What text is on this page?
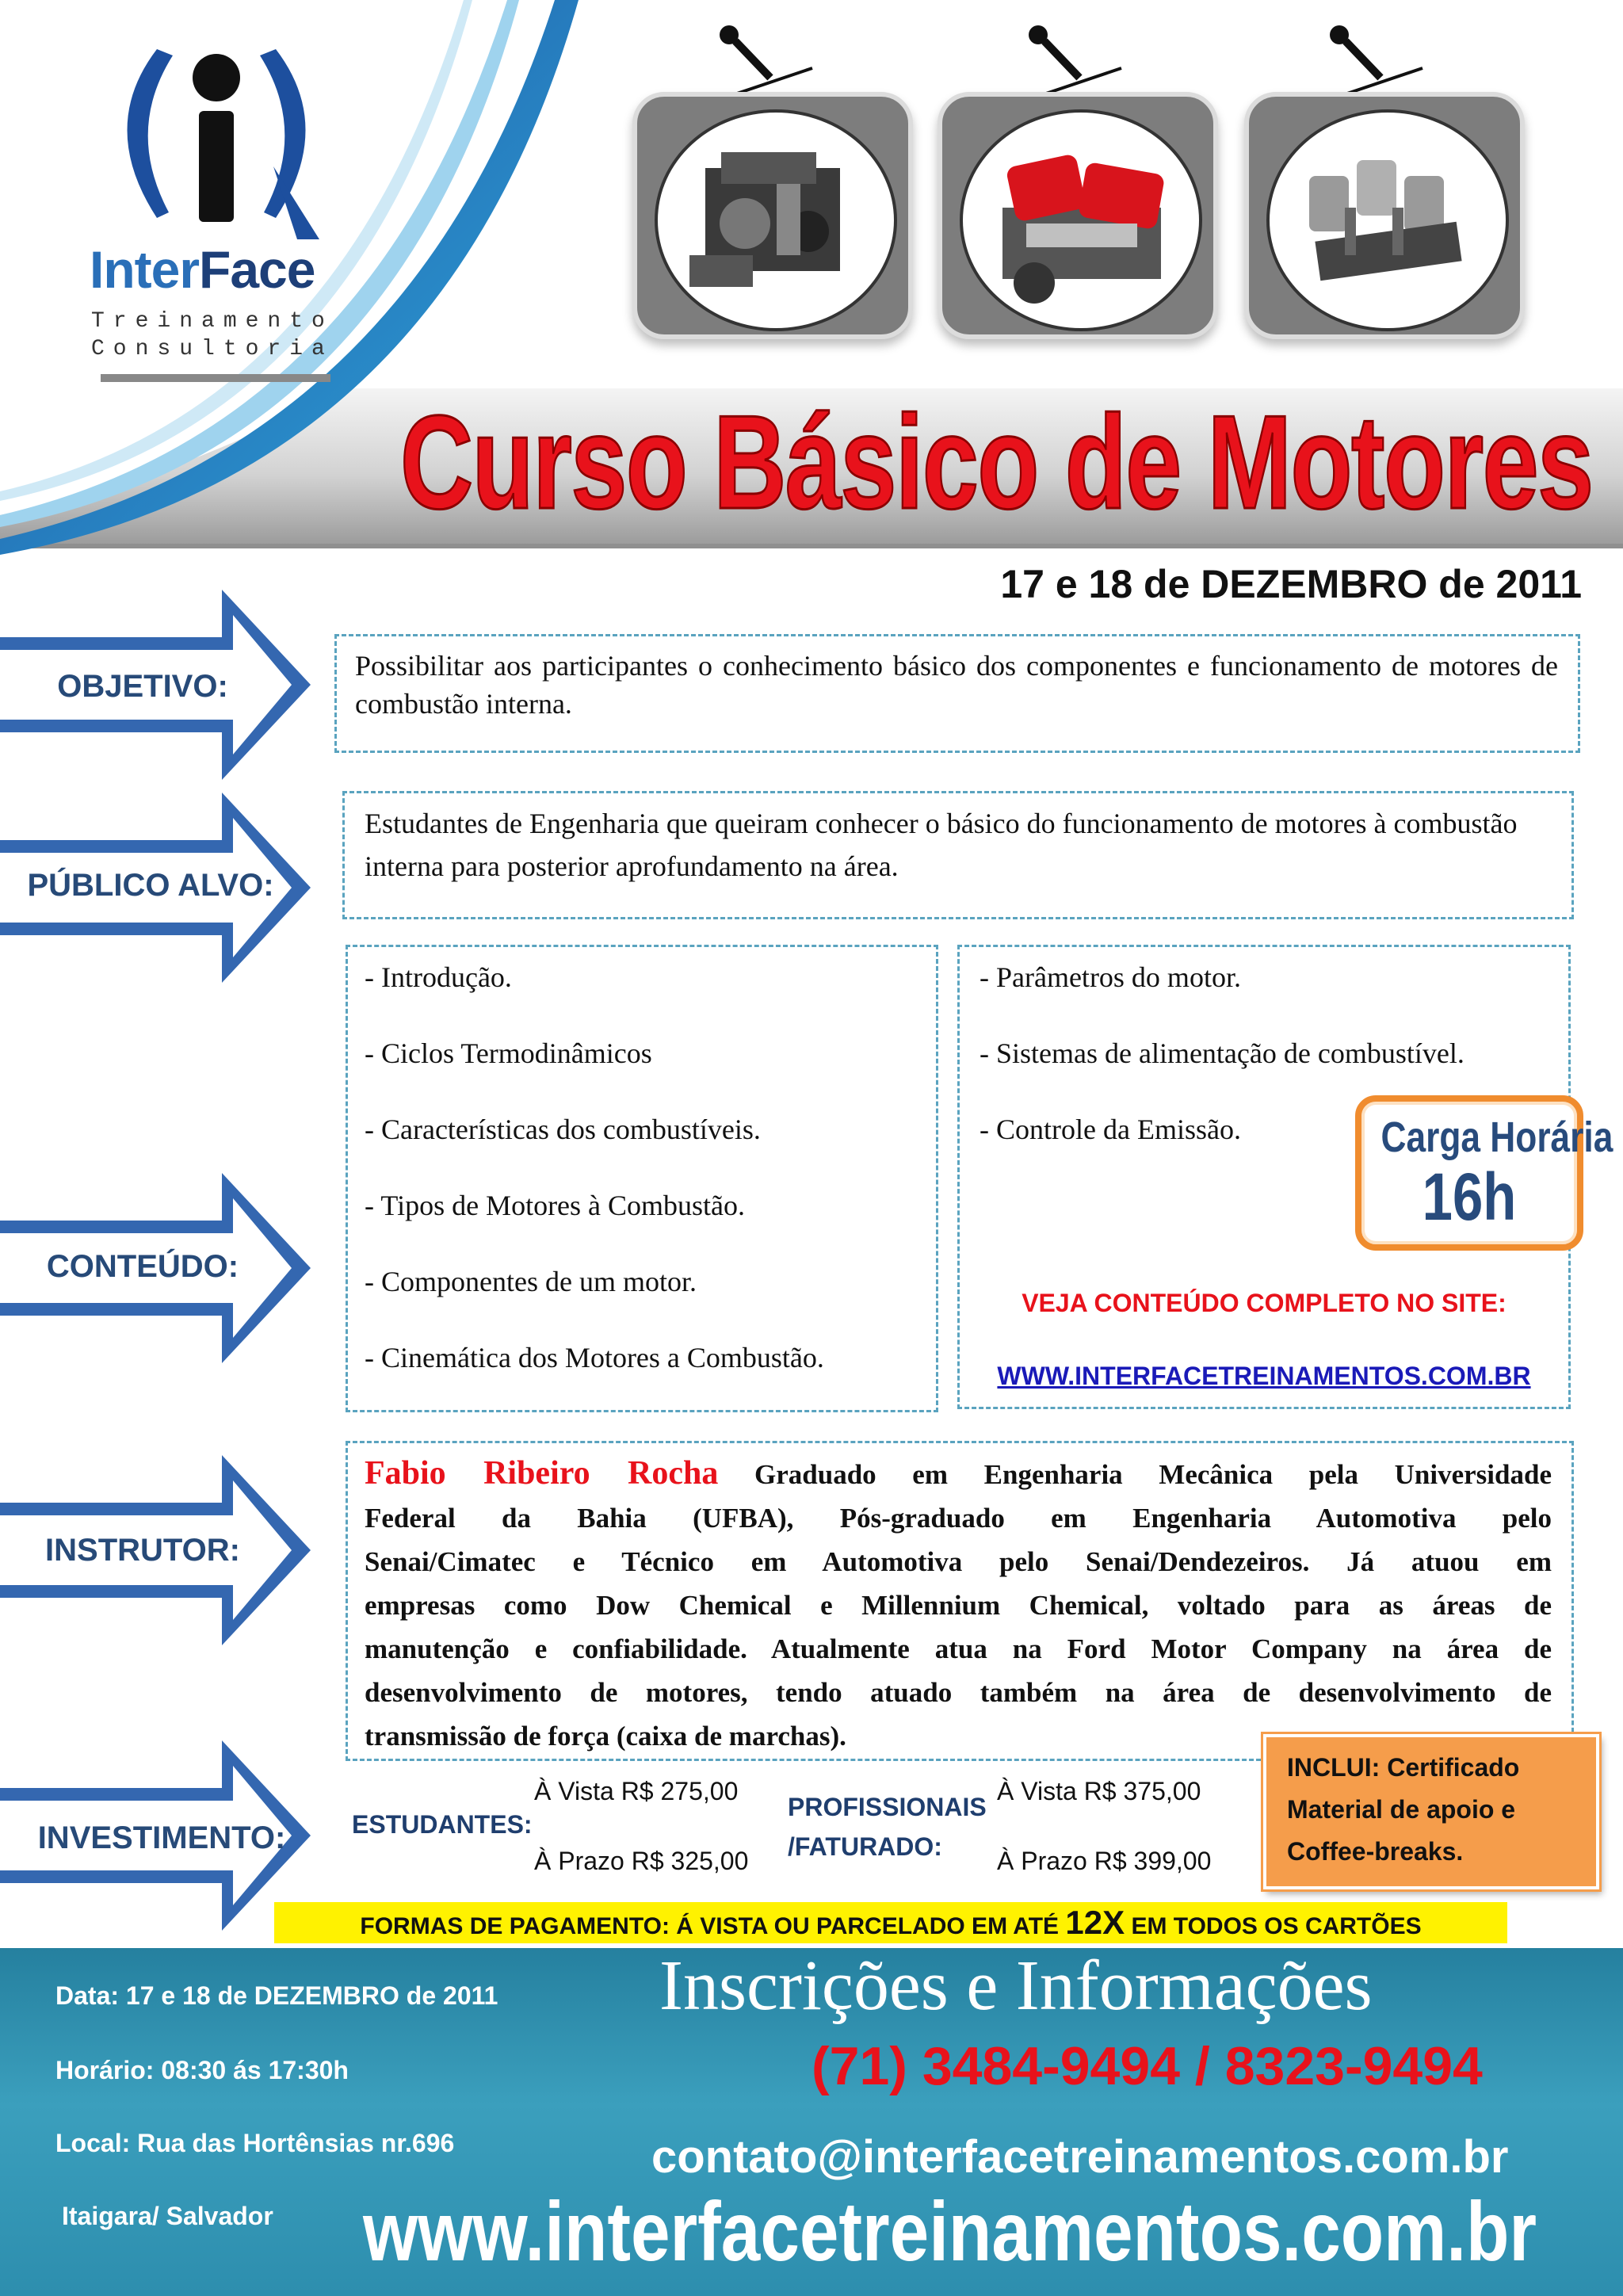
InterFace
Treinamento
Consultoria
Curso Básico de Motores
17 e 18 de DEZEMBRO de 2011
OBJETIVO:
PÚBLICO ALVO:
CONTEÚDO:
INSTRUTOR:
INVESTIMENTO:
Possibilitar aos participantes o conhecimento básico dos componentes e funcionamento de motores de combustão interna.
Estudantes de Engenharia que queiram conhecer o básico do funcionamento de motores à combustão interna para posterior aprofundamento na área.
- Introdução.
- Ciclos Termodinâmicos
- Características dos combustíveis.
- Tipos de Motores à Combustão.
- Componentes de um motor.
- Cinemática dos Motores a Combustão.
- Parâmetros do motor.
- Sistemas de alimentação de combustível.
- Controle da Emissão.	Carga Horária
16h
VEJA CONTEÚDO COMPLETO NO SITE:
WWW.INTERFACETREINAMENTOS.COM.BR
Fabio Ribeiro Rocha Graduado em Engenharia Mecânica pela Universidade
Federal da Bahia (UFBA), Pós-graduado em Engenharia Automotiva pelo
Senai/Cimatec e Técnico em Automotiva pelo Senai/Dendezeiros. Já atuou em
empresas como Dow Chemical e Millennium Chemical, voltado para as áreas de
manutenção e confiabilidade. Atualmente atua na Ford Motor Company na área de
desenvolvimento de motores, tendo atuado também na área de desenvolvimento de
transmissão de força (caixa de marchas).
ESTUDANTES:
À Vista R$ 275,00
À Prazo R$ 325,00
PROFISSIONAIS
/FATURADO:
À Vista R$ 375,00
À Prazo R$ 399,00
INCLUI: Certificado
Material de apoio e
Coffee-breaks.
FORMAS DE PAGAMENTO: Á VISTA OU PARCELADO EM ATÉ 12X EM TODOS OS CARTÕES
Data: 17 e 18 de DEZEMBRO de 2011
Horário: 08:30 ás 17:30h
Local: Rua das Hortênsias nr.696
Itaigara/ Salvador
Inscrições e Informações
(71) 3484-9494 / 8323-9494
contato@interfacetreinamentos.com.br
www.interfacetreinamentos.com.br
